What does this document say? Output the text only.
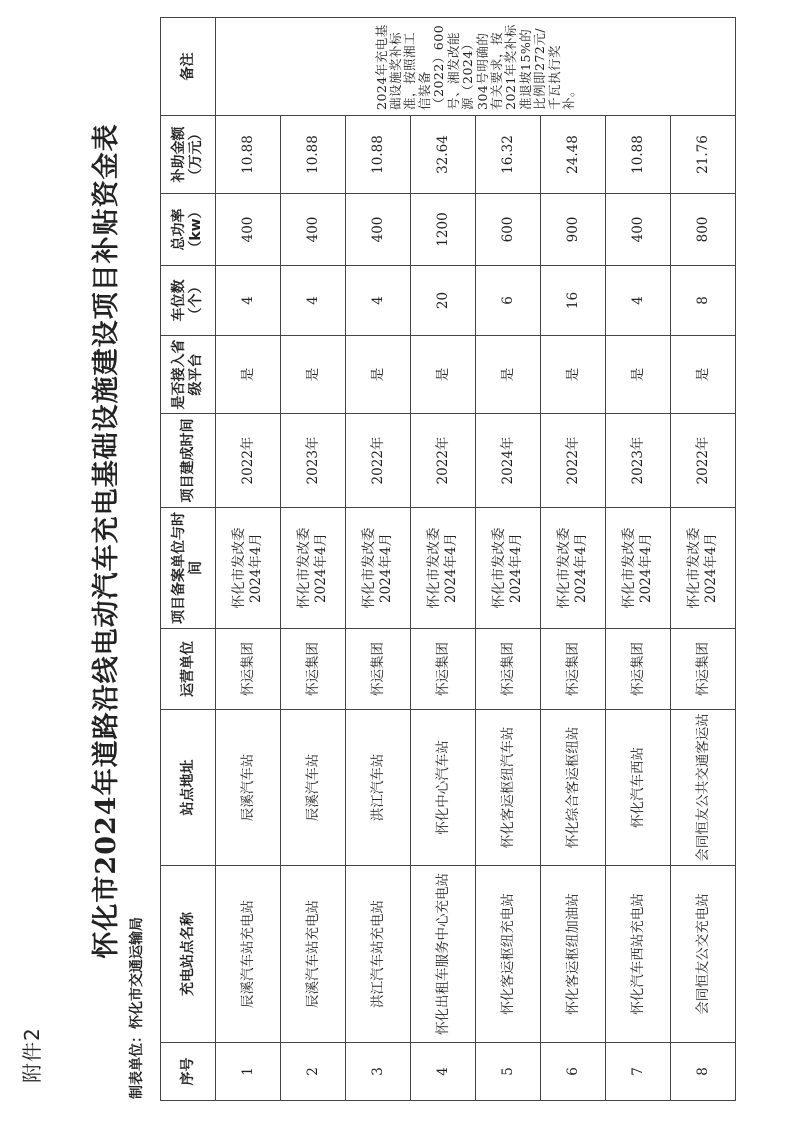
附件2
怀化市2024年道路沿线电动汽车充电基础设施建设项目补贴资金表
制表单位：怀化市交通运输局 序号	充电站点名称	站点地址	运营单位	项目备案单位与时间	项目建成时间	是否接入省级平台	车位数（个）	总功率（kw）	补助金额（万元）	备注
1	辰溪汽车站充电站	辰溪汽车站	怀运集团	怀化市发改委2024年4月	2022年	是	4	400	10.88	2024年充电基础设施奖补标准，按照湘工信装备（2022）600号、湘发改能源（2024）304号明确的有关要求，按2021年奖补标准退坡15%的比例即272元/千瓦执行奖补。
2	辰溪汽车站充电站	辰溪汽车站	怀运集团	怀化市发改委2024年4月	2023年	是	4	400	10.88	
3	洪江汽车站充电站	洪江汽车站	怀运集团	怀化市发改委2024年4月	2022年	是	4	400	10.88	
4	怀化出租车服务中心充电站	怀化中心汽车站	怀运集团	怀化市发改委2024年4月	2022年	是	20	1200	32.64	
5	怀化客运枢纽充电站	怀化客运枢纽汽车站	怀运集团	怀化市发改委2024年4月	2024年	是	6	600	16.32	
6	怀化客运枢纽加油站	怀化综合客运枢纽站	怀运集团	怀化市发改委2024年4月	2022年	是	16	900	24.48	
7	怀化汽车西站充电站	怀化汽车西站	怀运集团	怀化市发改委2024年4月	2023年	是	4	400	10.88	
8	会同恒友公交充电站	会同恒友公共交通客运站	怀运集团	怀化市发改委2024年4月	2022年	是	8	800	21.76	
